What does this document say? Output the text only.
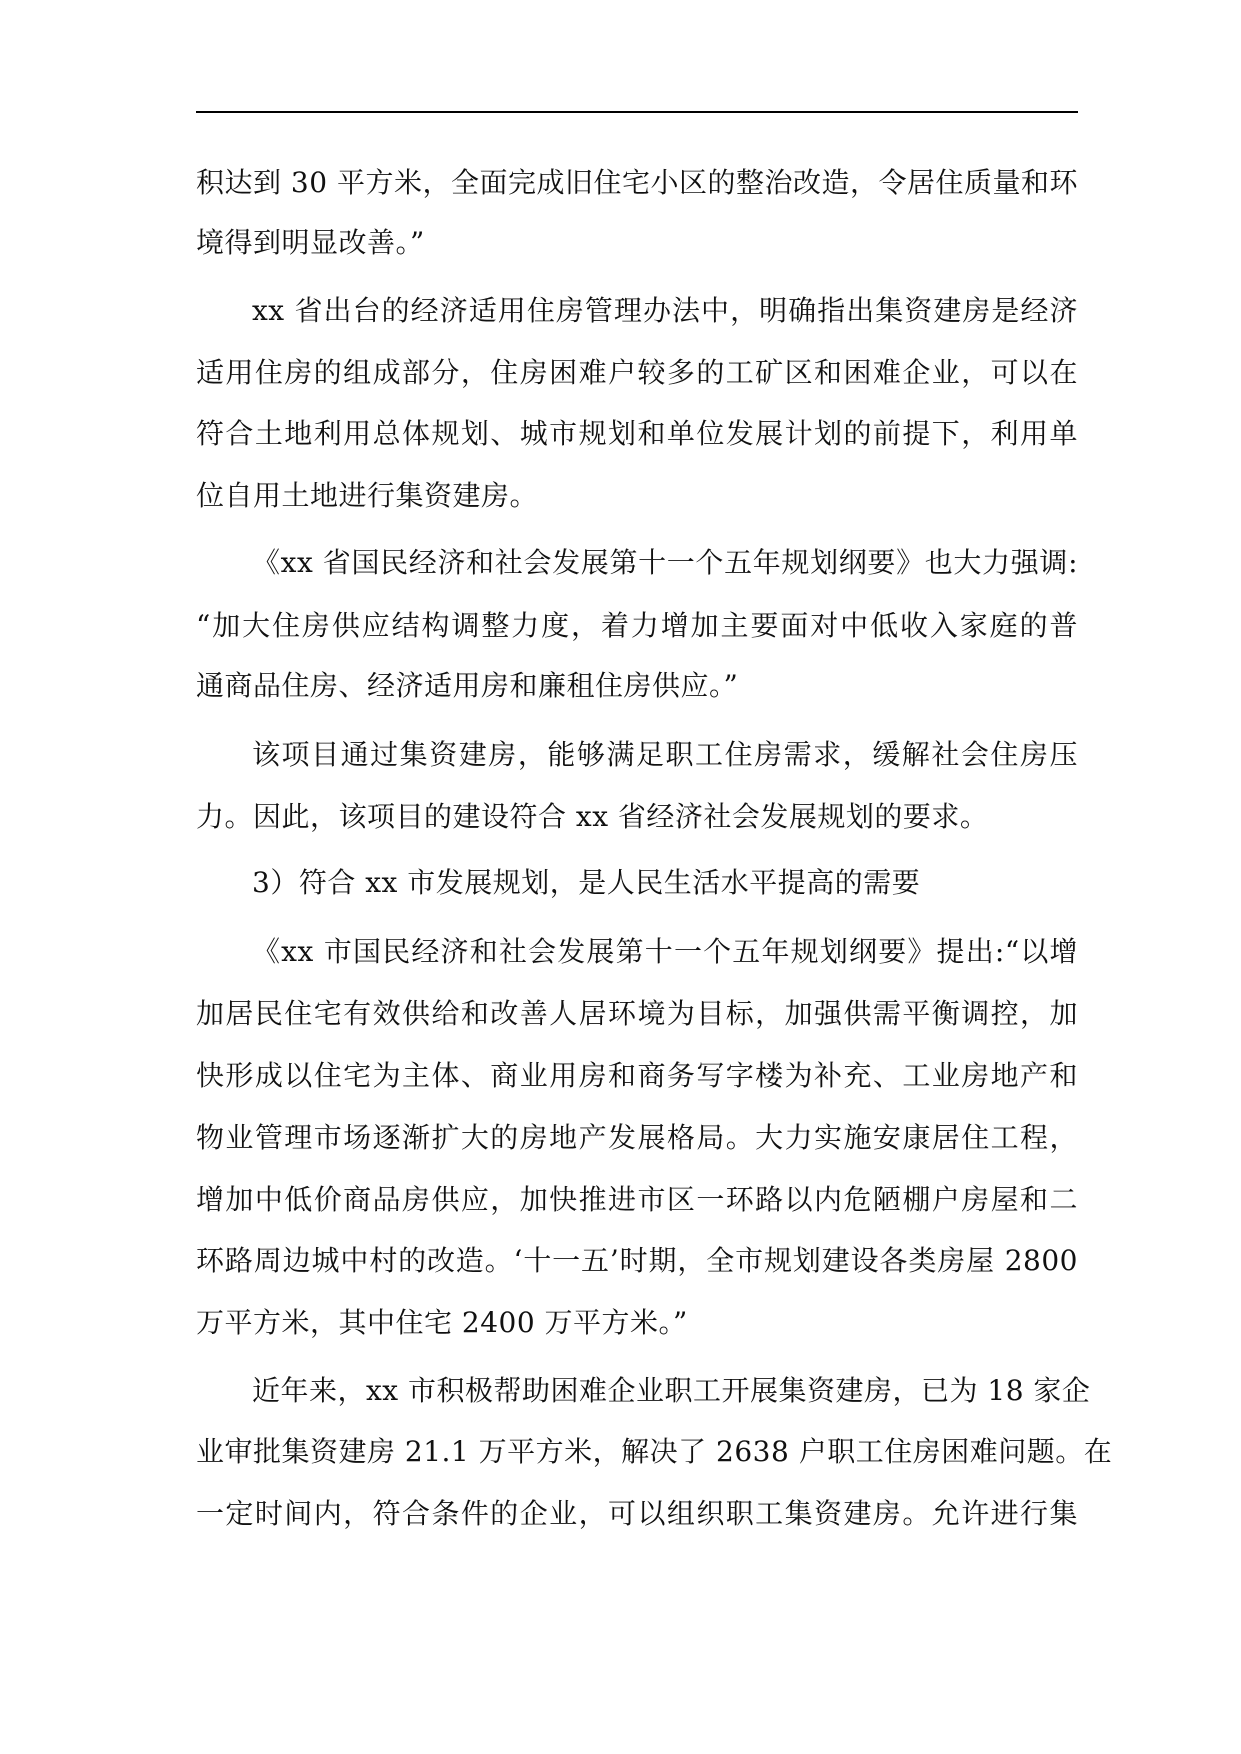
积达到 30 平方米，全面完成旧住宅小区的整治改造，令居住质量和环
境得到明显改善。”
xx 省出台的经济适用住房管理办法中，明确指出集资建房是经济
适用住房的组成部分，住房困难户较多的工矿区和困难企业，可以在
符合土地利用总体规划、城市规划和单位发展计划的前提下，利用单
位自用土地进行集资建房。
《xx 省国民经济和社会发展第十一个五年规划纲要》也大力强调:
“加大住房供应结构调整力度，着力增加主要面对中低收入家庭的普
通商品住房、经济适用房和廉租住房供应。”
该项目通过集资建房，能够满足职工住房需求，缓解社会住房压
力。因此，该项目的建设符合 xx 省经济社会发展规划的要求。
3）符合 xx 市发展规划，是人民生活水平提高的需要
《xx 市国民经济和社会发展第十一个五年规划纲要》提出:“以增
加居民住宅有效供给和改善人居环境为目标，加强供需平衡调控，加
快形成以住宅为主体、商业用房和商务写字楼为补充、工业房地产和
物业管理市场逐渐扩大的房地产发展格局。大力实施安康居住工程，
增加中低价商品房供应，加快推进市区一环路以内危陋棚户房屋和二
环路周边城中村的改造。‘十一五’时期，全市规划建设各类房屋 2800
万平方米，其中住宅 2400 万平方米。”
近年来，xx 市积极帮助困难企业职工开展集资建房，已为 18 家企
业审批集资建房 21.1 万平方米，解决了 2638 户职工住房困难问题。在
一定时间内，符合条件的企业，可以组织职工集资建房。允许进行集
